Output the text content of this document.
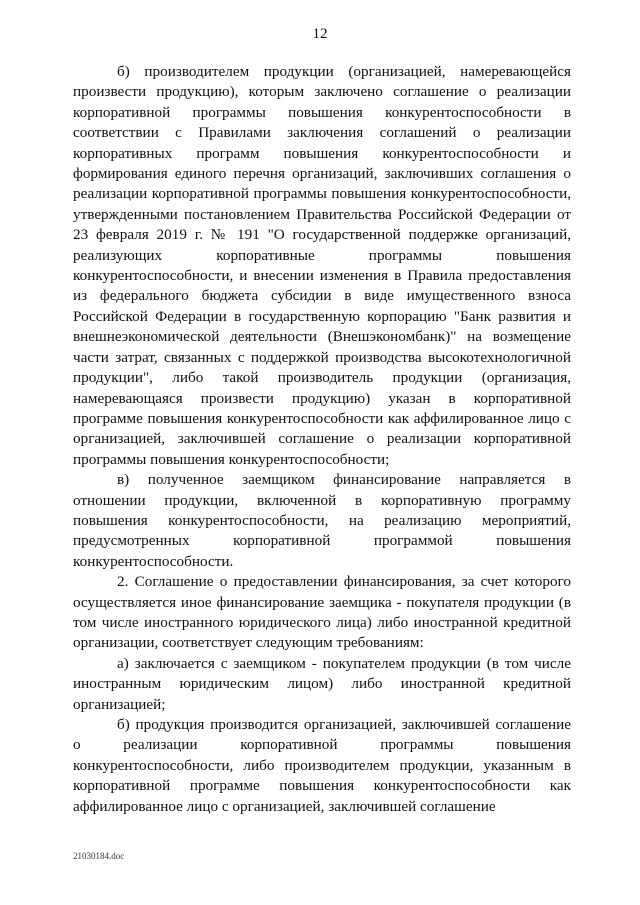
12

б) производителем продукции (организацией, намеревающейся произвести продукцию), которым заключено соглашение о реализации корпоративной программы повышения конкурентоспособности в соответствии с Правилами заключения соглашений о реализации корпоративных программ повышения конкурентоспособности и формирования единого перечня организаций, заключивших соглашения о реализации корпоративной программы повышения конкурентоспособности, утвержденными постановлением Правительства Российской Федерации от 23 февраля 2019 г. № 191 "О государственной поддержке организаций, реализующих корпоративные программы повышения конкурентоспособности, и внесении изменения в Правила предоставления из федерального бюджета субсидии в виде имущественного взноса Российской Федерации в государственную корпорацию "Банк развития и внешнеэкономической деятельности (Внешэкономбанк)" на возмещение части затрат, связанных с поддержкой производства высокотехнологичной продукции", либо такой производитель продукции (организация, намеревающаяся произвести продукцию) указан в корпоративной программе повышения конкурентоспособности как аффилированное лицо с организацией, заключившей соглашение о реализации корпоративной программы повышения конкурентоспособности;

в) полученное заемщиком финансирование направляется в отношении продукции, включенной в корпоративную программу повышения конкурентоспособности, на реализацию мероприятий, предусмотренных корпоративной программой повышения конкурентоспособности.

2. Соглашение о предоставлении финансирования, за счет которого осуществляется иное финансирование заемщика - покупателя продукции (в том числе иностранного юридического лица) либо иностранной кредитной организации, соответствует следующим требованиям:

а) заключается с заемщиком - покупателем продукции (в том числе иностранным юридическим лицом) либо иностранной кредитной организацией;

б) продукция производится организацией, заключившей соглашение о реализации корпоративной программы повышения конкурентоспособности, либо производителем продукции, указанным в корпоративной программе повышения конкурентоспособности как аффилированное лицо с организацией, заключившей соглашение

21030184.doc
